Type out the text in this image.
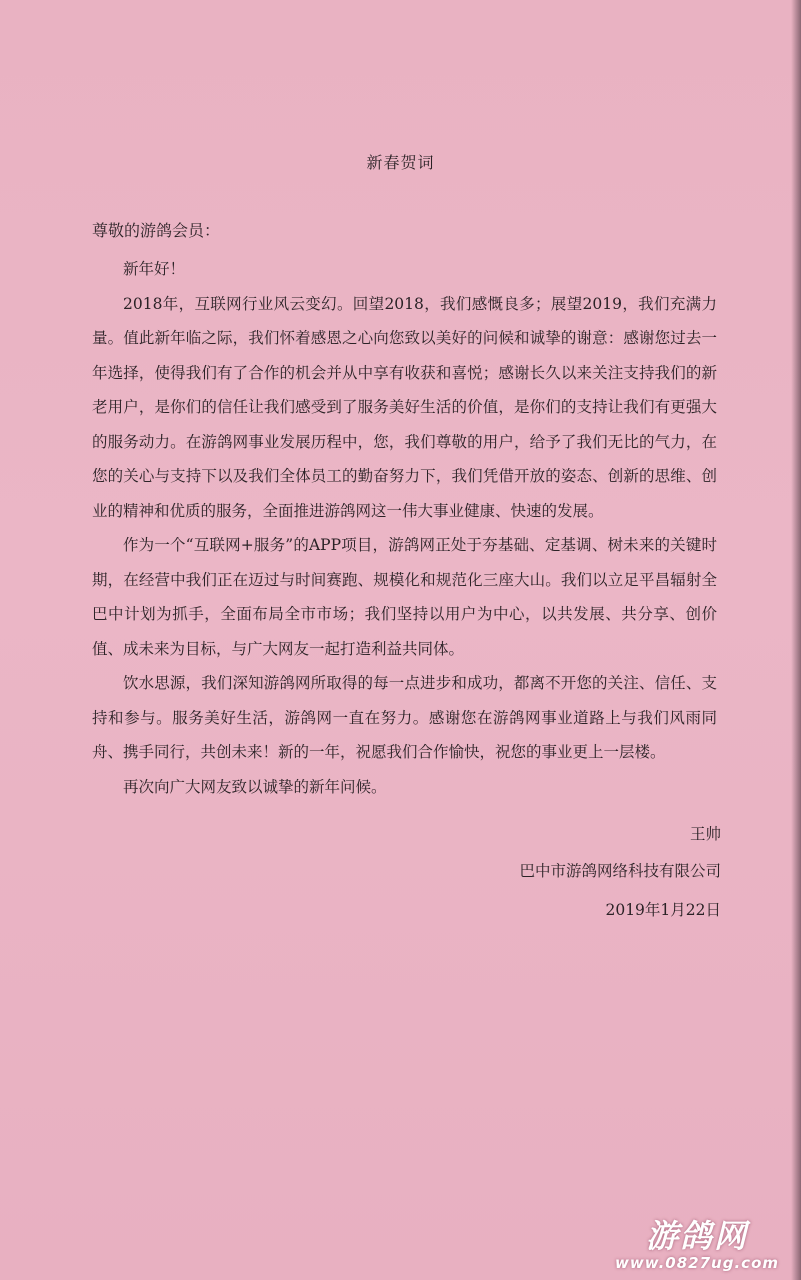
新春贺词
尊敬的游鸽会员：

新年好！

2018年，互联网行业风云变幻。回望2018，我们感慨良多；展望2019，我们充满力量。值此新年临之际，我们怀着感恩之心向您致以美好的问候和诚挚的谢意：感谢您过去一年选择，使得我们有了合作的机会并从中享有收获和喜悦；感谢长久以来关注支持我们的新老用户，是你们的信任让我们感受到了服务美好生活的价值，是你们的支持让我们有更强大的服务动力。在游鸽网事业发展历程中，您，我们尊敬的用户，给予了我们无比的气力，在您的关心与支持下以及我们全体员工的勤奋努力下，我们凭借开放的姿态、创新的思维、创业的精神和优质的服务，全面推进游鸽网这一伟大事业健康、快速的发展。

作为一个“互联网+服务”的APP项目，游鸽网正处于夯基础、定基调、树未来的关键时期，在经营中我们正在迈过与时间赛跑、规模化和规范化三座大山。我们以立足平昌辐射全巴中计划为抓手，全面布局全市市场；我们坚持以用户为中心，以共发展、共分享、创价值、成未来为目标，与广大网友一起打造利益共同体。

饮水思源，我们深知游鸽网所取得的每一点进步和成功，都离不开您的关注、信任、支持和参与。服务美好生活，游鸽网一直在努力。感谢您在游鸽网事业道路上与我们风雨同舟、携手同行，共创未来！新的一年，祝愿我们合作愉快，祝您的事业更上一层楼。

再次向广大网友致以诚挚的新年问候。

王帅
巴中市游鸽网络科技有限公司
2019年1月22日
游鸽网
www.0827ug.com
